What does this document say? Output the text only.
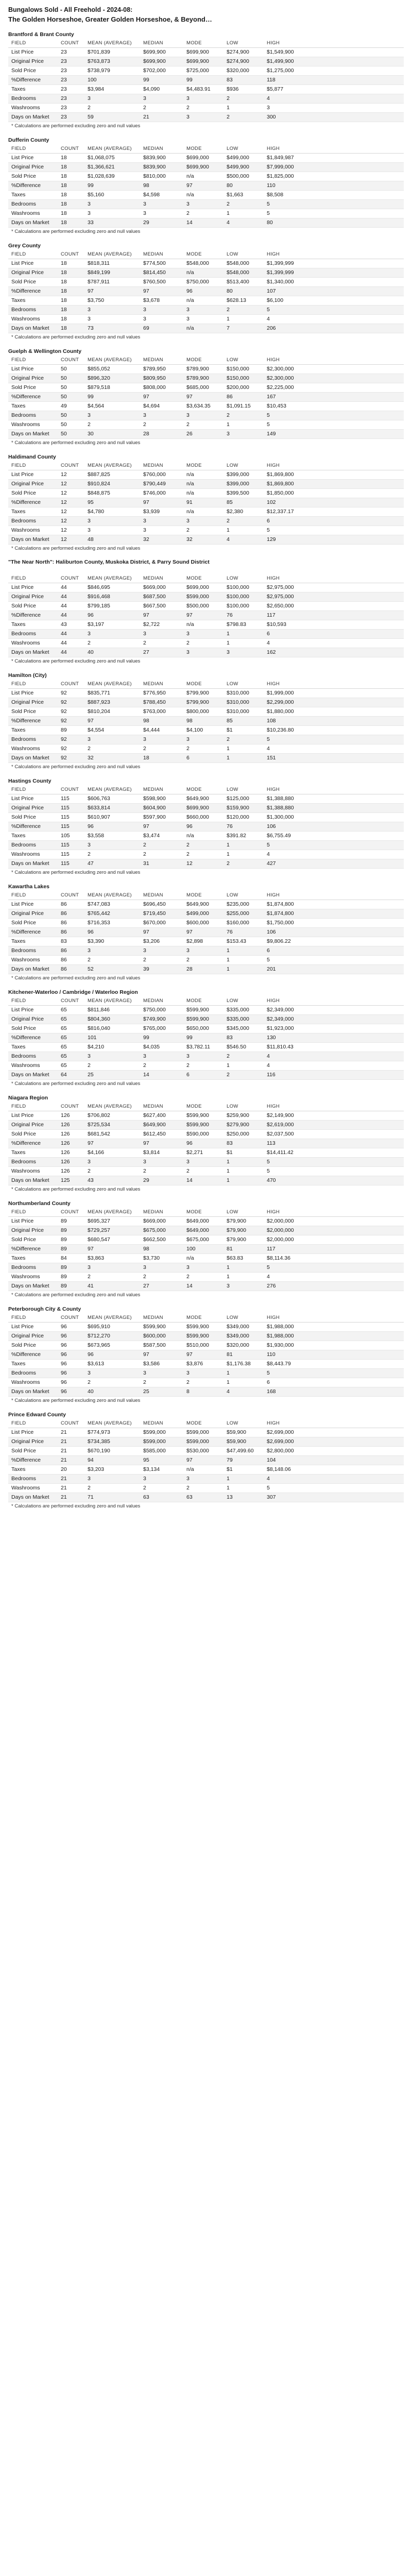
Bungalows Sold - All Freehold - 2024-08:
The Golden Horseshoe, Greater Golden Horseshoe, & Beyond…
Brantford & Brant County
FIELD	COUNT	MEAN (AVERAGE)	MEDIAN	MODE	LOW	HIGH	
List Price	23	$701,839	$699,900	$699,900	$274,900	$1,549,900	
Original Price	23	$763,873	$699,900	$699,900	$274,900	$1,499,900	
Sold Price	23	$738,979	$702,000	$725,000	$320,000	$1,275,000	
%Difference	23	100	99	99	83	118	
Taxes	23	$3,984	$4,090	$4,483.91	$936	$5,877	
Bedrooms	23	3	3	3	2	4	
Washrooms	23	2	2	2	1	3	
Days on Market	23	59	21	3	2	300	
* Calculations are performed excluding zero and null values
Dufferin County
FIELD	COUNT	MEAN (AVERAGE)	MEDIAN	MODE	LOW	HIGH	
List Price	18	$1,068,075	$839,900	$699,000	$499,000	$1,849,987	
Original Price	18	$1,366,621	$839,900	$699,900	$499,900	$7,999,000	
Sold Price	18	$1,028,639	$810,000	n/a	$500,000	$1,825,000	
%Difference	18	99	98	97	80	110	
Taxes	18	$5,160	$4,598	n/a	$1,663	$8,508	
Bedrooms	18	3	3	3	2	5	
Washrooms	18	3	3	2	1	5	
Days on Market	18	33	29	14	4	80	
* Calculations are performed excluding zero and null values
Grey County
FIELD	COUNT	MEAN (AVERAGE)	MEDIAN	MODE	LOW	HIGH	
List Price	18	$818,311	$774,500	$548,000	$548,000	$1,399,999	
Original Price	18	$849,199	$814,450	n/a	$548,000	$1,399,999	
Sold Price	18	$787,911	$760,500	$750,000	$513,400	$1,340,000	
%Difference	18	97	97	96	80	107	
Taxes	18	$3,750	$3,678	n/a	$628.13	$6,100	
Bedrooms	18	3	3	3	2	5	
Washrooms	18	3	3	3	1	4	
Days on Market	18	73	69	n/a	7	206	
* Calculations are performed excluding zero and null values
Guelph & Wellington County
FIELD	COUNT	MEAN (AVERAGE)	MEDIAN	MODE	LOW	HIGH	
List Price	50	$855,052	$789,950	$789,900	$150,000	$2,300,000	
Original Price	50	$896,320	$809,950	$789,900	$150,000	$2,300,000	
Sold Price	50	$879,518	$808,000	$685,000	$200,000	$2,225,000	
%Difference	50	99	97	97	86	167	
Taxes	49	$4,564	$4,694	$3,634.35	$1,091.15	$10,453	
Bedrooms	50	3	3	3	2	5	
Washrooms	50	2	2	2	1	5	
Days on Market	50	30	28	26	3	149	
* Calculations are performed excluding zero and null values
Haldimand County
FIELD	COUNT	MEAN (AVERAGE)	MEDIAN	MODE	LOW	HIGH	
List Price	12	$887,825	$760,000	n/a	$399,000	$1,869,800	
Original Price	12	$910,824	$790,449	n/a	$399,000	$1,869,800	
Sold Price	12	$848,875	$746,000	n/a	$399,500	$1,850,000	
%Difference	12	95	97	91	85	102	
Taxes	12	$4,780	$3,939	n/a	$2,380	$12,337.17	
Bedrooms	12	3	3	3	2	6	
Washrooms	12	3	3	2	1	5	
Days on Market	12	48	32	32	4	129	
* Calculations are performed excluding zero and null values
"The Near North": Haliburton County, Muskoka District, & Parry Sound District
FIELD	COUNT	MEAN (AVERAGE)	MEDIAN	MODE	LOW	HIGH	
List Price	44	$846,695	$669,000	$699,000	$100,000	$2,975,000	
Original Price	44	$916,468	$687,500	$599,000	$100,000	$2,975,000	
Sold Price	44	$799,185	$667,500	$500,000	$100,000	$2,650,000	
%Difference	44	96	97	97	76	117	
Taxes	43	$3,197	$2,722	n/a	$798.83	$10,593	
Bedrooms	44	3	3	3	1	6	
Washrooms	44	2	2	2	1	4	
Days on Market	44	40	27	3	3	162	
* Calculations are performed excluding zero and null values
Hamilton (City)
FIELD	COUNT	MEAN (AVERAGE)	MEDIAN	MODE	LOW	HIGH	
List Price	92	$835,771	$776,950	$799,900	$310,000	$1,999,000	
Original Price	92	$887,923	$788,450	$799,900	$310,000	$2,299,000	
Sold Price	92	$810,204	$763,000	$800,000	$310,000	$1,880,000	
%Difference	92	97	98	98	85	108	
Taxes	89	$4,554	$4,444	$4,100	$1	$10,236.80	
Bedrooms	92	3	3	3	2	5	
Washrooms	92	2	2	2	1	4	
Days on Market	92	32	18	6	1	151	
* Calculations are performed excluding zero and null values
Hastings County
FIELD	COUNT	MEAN (AVERAGE)	MEDIAN	MODE	LOW	HIGH	
List Price	115	$606,763	$598,900	$649,900	$125,000	$1,388,880	
Original Price	115	$633,814	$604,900	$699,900	$159,900	$1,388,880	
Sold Price	115	$610,907	$597,900	$660,000	$120,000	$1,300,000	
%Difference	115	96	97	96	76	106	
Taxes	105	$3,558	$3,474	n/a	$391.82	$6,755.49	
Bedrooms	115	3	2	2	1	5	
Washrooms	115	2	2	2	1	4	
Days on Market	115	47	31	12	2	427	
* Calculations are performed excluding zero and null values
Kawartha Lakes
FIELD	COUNT	MEAN (AVERAGE)	MEDIAN	MODE	LOW	HIGH	
List Price	86	$747,083	$696,450	$649,900	$235,000	$1,874,800	
Original Price	86	$765,442	$719,450	$499,000	$255,000	$1,874,800	
Sold Price	86	$716,353	$670,000	$600,000	$160,000	$1,750,000	
%Difference	86	96	97	97	76	106	
Taxes	83	$3,390	$3,206	$2,898	$153.43	$9,806.22	
Bedrooms	86	3	3	3	1	6	
Washrooms	86	2	2	2	1	5	
Days on Market	86	52	39	28	1	201	
* Calculations are performed excluding zero and null values
Kitchener-Waterloo / Cambridge / Waterloo Region
FIELD	COUNT	MEAN (AVERAGE)	MEDIAN	MODE	LOW	HIGH	
List Price	65	$811,846	$750,000	$599,900	$335,000	$2,349,000	
Original Price	65	$804,360	$749,900	$599,900	$335,000	$2,349,000	
Sold Price	65	$816,040	$765,000	$650,000	$345,000	$1,923,000	
%Difference	65	101	99	99	83	130	
Taxes	65	$4,210	$4,035	$3,782.11	$546.50	$11,810.43	
Bedrooms	65	3	3	3	2	4	
Washrooms	65	2	2	2	1	4	
Days on Market	64	25	14	6	2	116	
* Calculations are performed excluding zero and null values
Niagara Region
FIELD	COUNT	MEAN (AVERAGE)	MEDIAN	MODE	LOW	HIGH	
List Price	126	$706,802	$627,400	$599,900	$259,900	$2,149,900	
Original Price	126	$725,534	$649,900	$599,900	$279,900	$2,619,000	
Sold Price	126	$681,542	$612,450	$590,000	$250,000	$2,037,500	
%Difference	126	97	97	96	83	113	
Taxes	126	$4,166	$3,814	$2,271	$1	$14,411.42	
Bedrooms	126	3	3	3	1	5	
Washrooms	126	2	2	2	1	5	
Days on Market	125	43	29	14	1	470	
* Calculations are performed excluding zero and null values
Northumberland County
FIELD	COUNT	MEAN (AVERAGE)	MEDIAN	MODE	LOW	HIGH	
List Price	89	$695,327	$669,000	$649,000	$79,900	$2,000,000	
Original Price	89	$729,257	$675,000	$649,000	$79,900	$2,000,000	
Sold Price	89	$680,547	$662,500	$675,000	$79,900	$2,000,000	
%Difference	89	97	98	100	81	117	
Taxes	84	$3,863	$3,730	n/a	$63.83	$8,114.36	
Bedrooms	89	3	3	3	1	5	
Washrooms	89	2	2	2	1	4	
Days on Market	89	41	27	14	3	276	
* Calculations are performed excluding zero and null values
Peterborough City & County
FIELD	COUNT	MEAN (AVERAGE)	MEDIAN	MODE	LOW	HIGH	
List Price	96	$695,910	$599,900	$599,900	$349,000	$1,988,000	
Original Price	96	$712,270	$600,000	$599,900	$349,000	$1,988,000	
Sold Price	96	$673,965	$587,500	$510,000	$320,000	$1,930,000	
%Difference	96	96	97	97	81	110	
Taxes	96	$3,613	$3,586	$3,876	$1,176.38	$8,443.79	
Bedrooms	96	3	3	3	1	5	
Washrooms	96	2	2	2	1	6	
Days on Market	96	40	25	8	4	168	
* Calculations are performed excluding zero and null values
Prince Edward County
FIELD	COUNT	MEAN (AVERAGE)	MEDIAN	MODE	LOW	HIGH	
List Price	21	$774,973	$599,000	$599,000	$59,900	$2,699,000	
Original Price	21	$734,385	$599,000	$599,000	$59,900	$2,699,000	
Sold Price	21	$670,190	$585,000	$530,000	$47,499.60	$2,800,000	
%Difference	21	94	95	97	79	104	
Taxes	20	$3,203	$3,134	n/a	$1	$8,148.06	
Bedrooms	21	3	3	3	1	4	
Washrooms	21	2	2	2	1	5	
Days on Market	21	71	63	63	13	307	
* Calculations are performed excluding zero and null values
